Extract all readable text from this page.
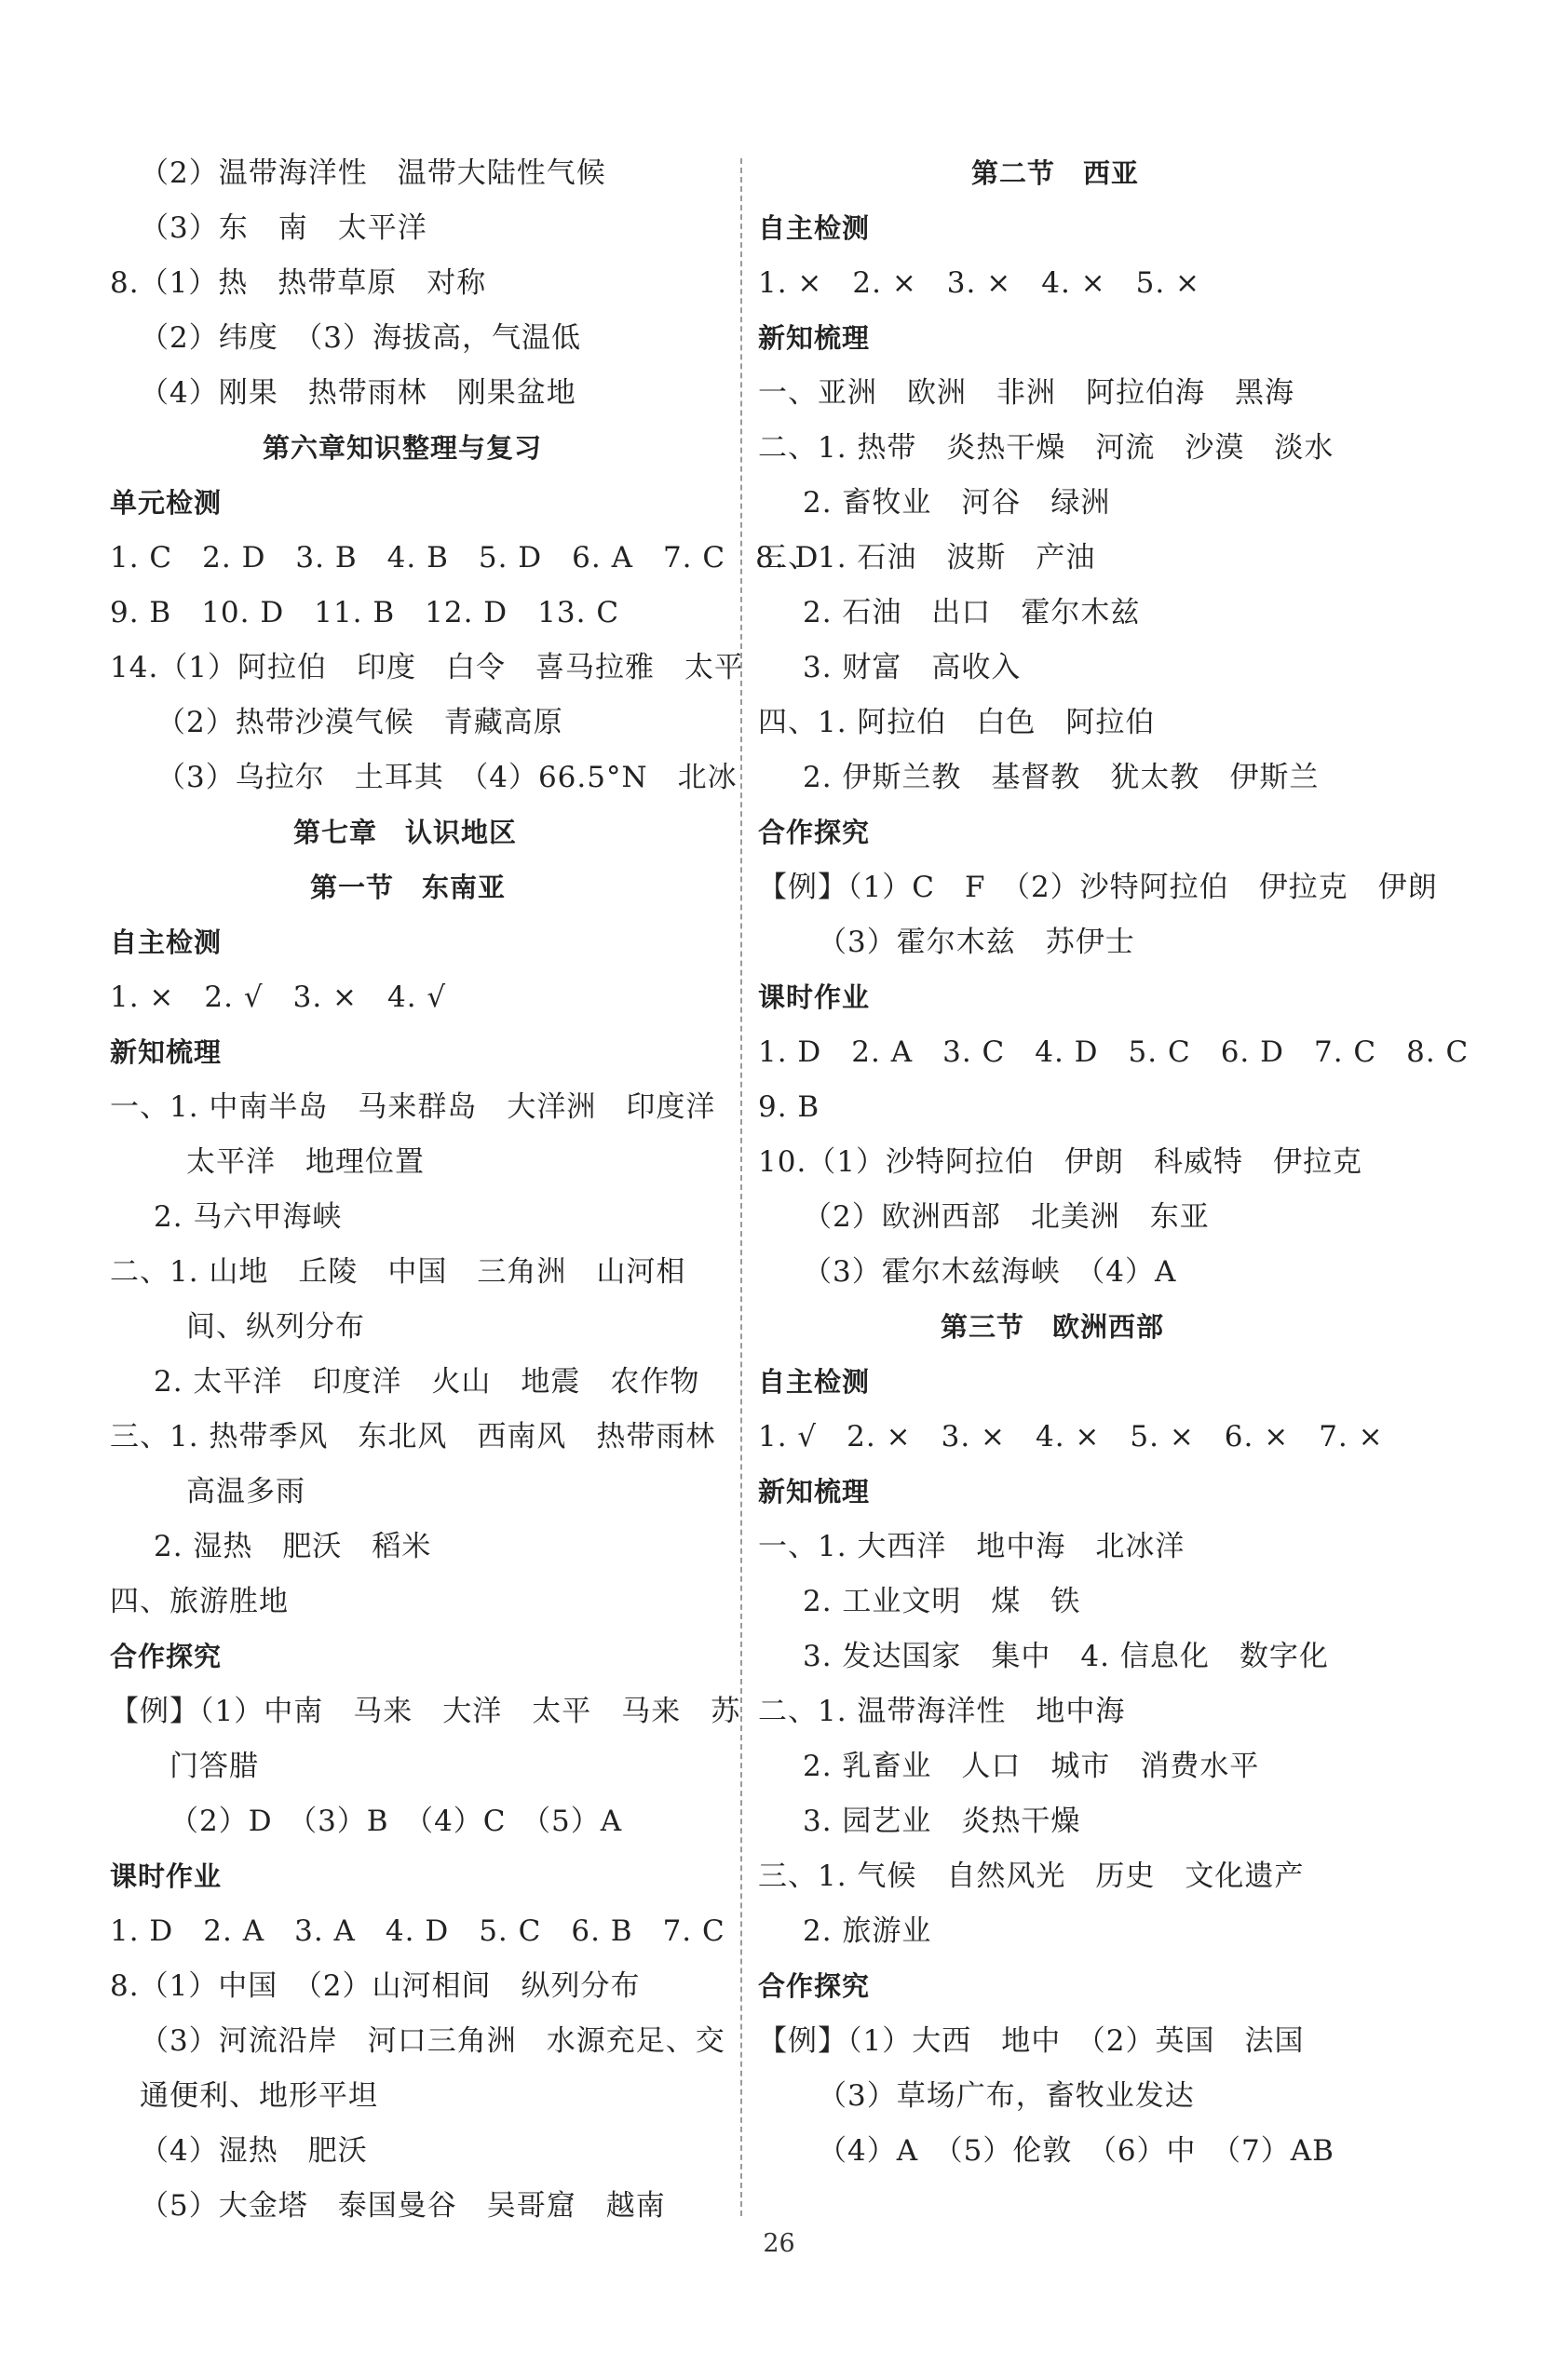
（2）温带海洋性　温带大陆性气候
（3）东　南　太平洋
8.（1）热　热带草原　对称
（2）纬度　（3）海拔高，气温低
（4）刚果　热带雨林　刚果盆地
第六章知识整理与复习
单元检测
1. C　2. D　3. B　4. B　5. D　6. A　7. C　8. D
9. B　10. D　11. B　12. D　13. C
14.（1）阿拉伯　印度　白令　喜马拉雅　太平
（2）热带沙漠气候　青藏高原
（3）乌拉尔　土耳其　（4）66.5°N　北冰
第七章　认识地区
第一节　东南亚
自主检测
1. ×　2. √　3. ×　4. √
新知梳理
一、1. 中南半岛　马来群岛　大洋洲　印度洋
太平洋　地理位置
2. 马六甲海峡
二、1. 山地　丘陵　中国　三角洲　山河相
间、纵列分布
2. 太平洋　印度洋　火山　地震　农作物
三、1. 热带季风　东北风　西南风　热带雨林
高温多雨
2. 湿热　肥沃　稻米
四、旅游胜地
合作探究
【例】（1）中南　马来　大洋　太平　马来　苏
门答腊
（2）D　（3）B　（4）C　（5）A
课时作业
1. D　2. A　3. A　4. D　5. C　6. B　7. C
8.（1）中国　（2）山河相间　纵列分布
（3）河流沿岸　河口三角洲　水源充足、交
通便利、地形平坦
（4）湿热　肥沃
（5）大金塔　泰国曼谷　吴哥窟　越南
第二节　西亚
自主检测
1. ×　2. ×　3. ×　4. ×　5. ×
新知梳理
一、亚洲　欧洲　非洲　阿拉伯海　黑海
二、1. 热带　炎热干燥　河流　沙漠　淡水
2. 畜牧业　河谷　绿洲
三、1. 石油　波斯　产油
2. 石油　出口　霍尔木兹
3. 财富　高收入
四、1. 阿拉伯　白色　阿拉伯
2. 伊斯兰教　基督教　犹太教　伊斯兰
合作探究
【例】（1）C　F　（2）沙特阿拉伯　伊拉克　伊朗
（3）霍尔木兹　苏伊士
课时作业
1. D　2. A　3. C　4. D　5. C　6. D　7. C　8. C
9. B
10.（1）沙特阿拉伯　伊朗　科威特　伊拉克
（2）欧洲西部　北美洲　东亚
（3）霍尔木兹海峡　（4）A
第三节　欧洲西部
自主检测
1. √　2. ×　3. ×　4. ×　5. ×　6. ×　7. ×
新知梳理
一、1. 大西洋　地中海　北冰洋
2. 工业文明　煤　铁
3. 发达国家　集中　4. 信息化　数字化
二、1. 温带海洋性　地中海
2. 乳畜业　人口　城市　消费水平
3. 园艺业　炎热干燥
三、1. 气候　自然风光　历史　文化遗产
2. 旅游业
合作探究
【例】（1）大西　地中　（2）英国　法国
（3）草场广布，畜牧业发达
（4）A　（5）伦敦　（6）中　（7）AB
26
